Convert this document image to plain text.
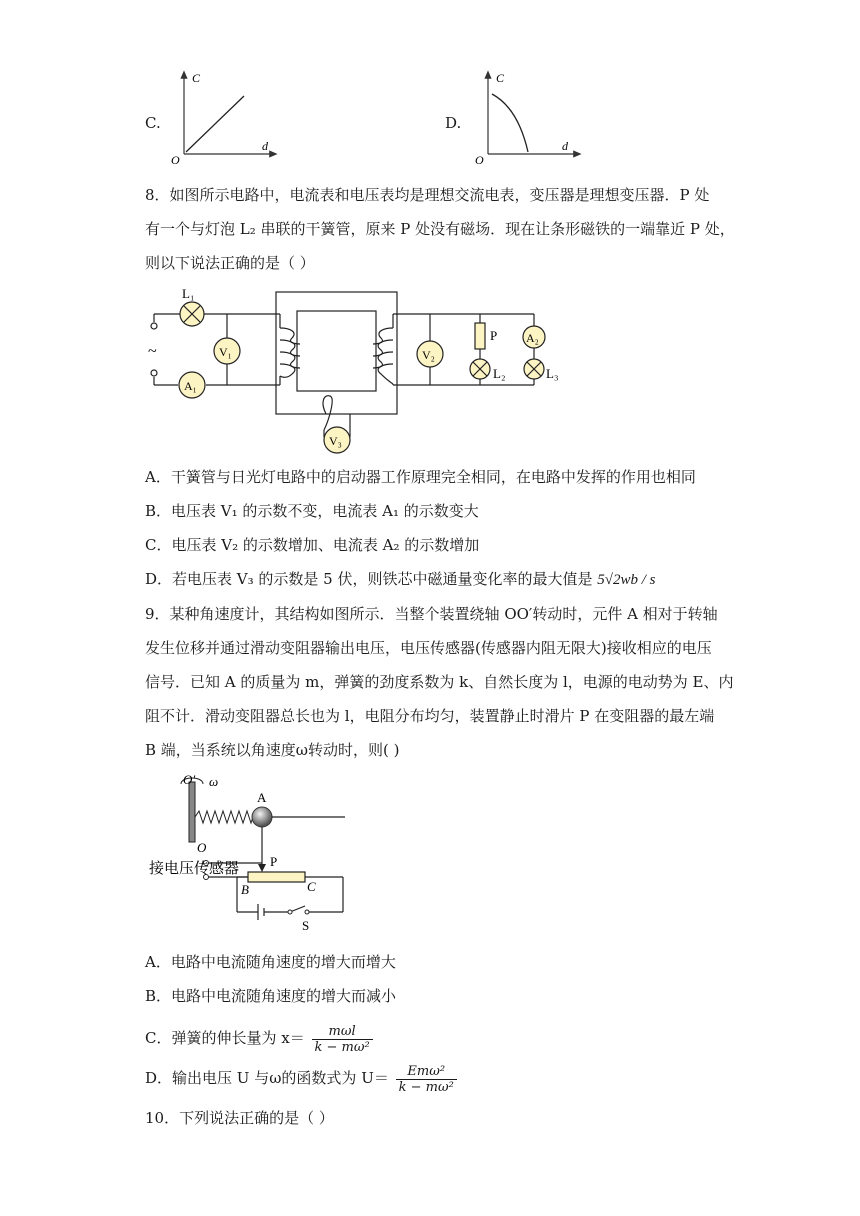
C.
C
d
O
D.
C
d
O
8．如图所示电路中，电流表和电压表均是理想交流电表，变压器是理想变压器．P 处
有一个与灯泡 L₂ 串联的干簧管，原来 P 处没有磁场．现在让条形磁铁的一端靠近 P 处，
则以下说法正确的是（ ）
~
L₁
V₁
A₁
V₂
P
L₂
A₂
L₃
V₃
A．干簧管与日光灯电路中的启动器工作原理完全相同，在电路中发挥的作用也相同
B．电压表 V₁ 的示数不变，电流表 A₁ 的示数变大
C．电压表 V₂ 的示数增加、电流表 A₂ 的示数增加
D．若电压表 V₃ 的示数是 5 伏，则铁芯中磁通量变化率的最大值是 5√2wb / s
9．某种角速度计，其结构如图所示．当整个装置绕轴 OO′转动时，元件 A 相对于转轴
发生位移并通过滑动变阻器输出电压，电压传感器(传感器内阻无限大)接收相应的电压
信号．已知 A 的质量为 m，弹簧的劲度系数为 k、自然长度为 l，电源的电动势为 E、内
阻不计．滑动变阻器总长也为 l，电阻分布均匀，装置静止时滑片 P 在变阻器的最左端
B 端，当系统以角速度ω转动时，则( )
O′ ω
A
P
O
接电压传感器
B	C
S
A．电路中电流随角速度的增大而增大
B．电路中电流随角速度的增大而减小
C．弹簧的伸长量为 $x= \frac{\text{mωl}}{\text{k − mω²}}$
D．输出电压 U 与ω的函数式为 $U= \frac{\text{Emω²}}{\text{k − mω²}}$
10．下列说法正确的是（ ）
